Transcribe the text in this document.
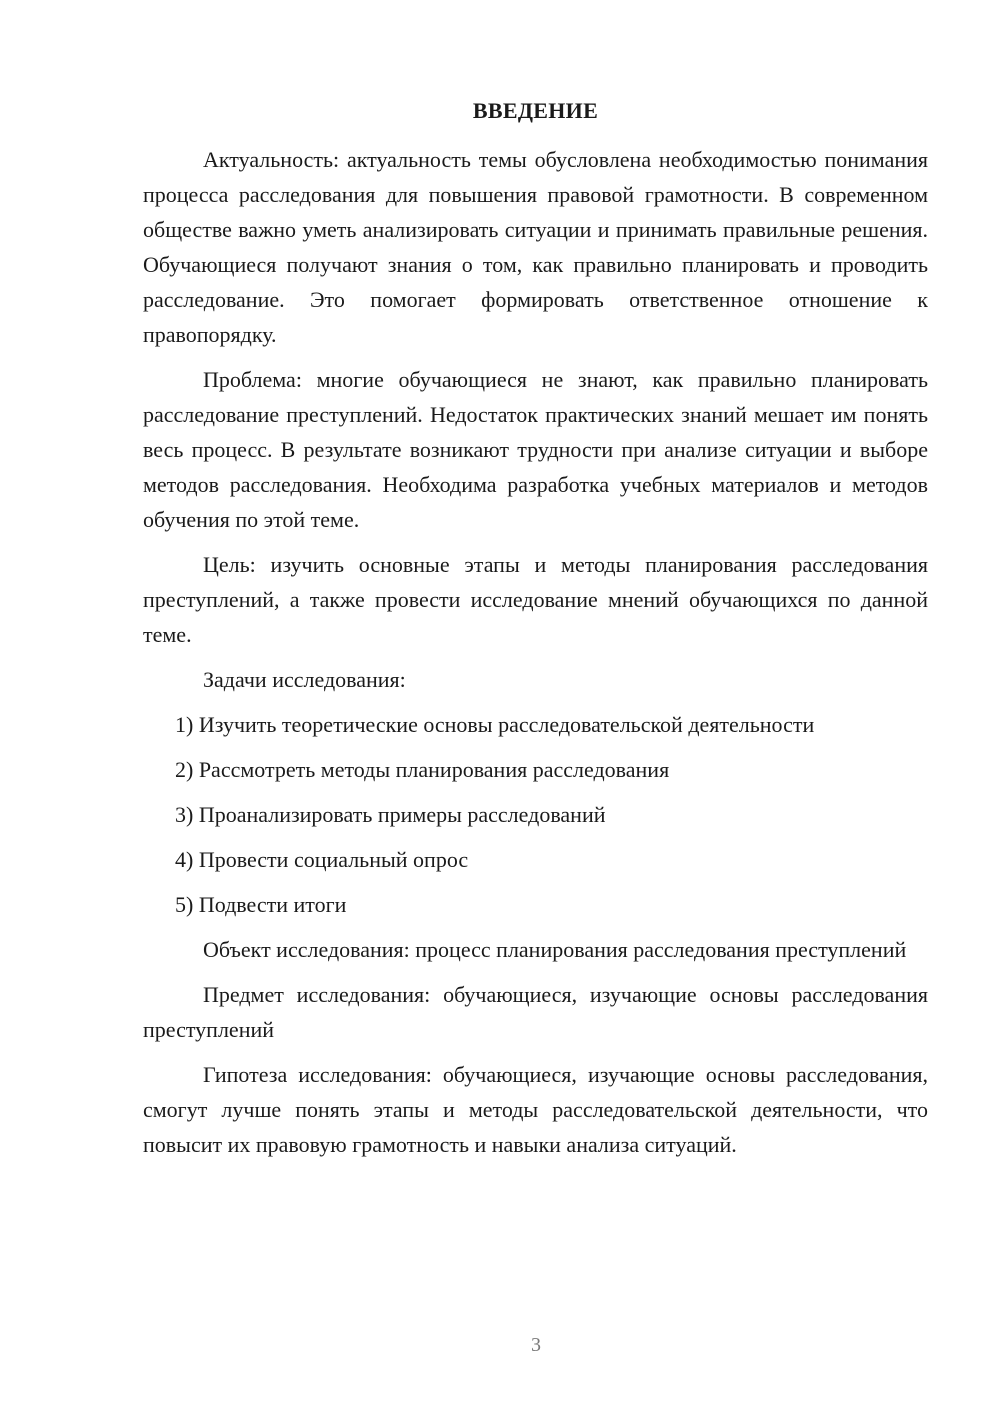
ВВЕДЕНИЕ

Актуальность: актуальность темы обусловлена необходимостью понимания процесса расследования для повышения правовой грамотности. В современном обществе важно уметь анализировать ситуации и принимать правильные решения. Обучающиеся получают знания о том, как правильно планировать и проводить расследование. Это помогает формировать ответственное отношение к правопорядку.

Проблема: многие обучающиеся не знают, как правильно планировать расследование преступлений. Недостаток практических знаний мешает им понять весь процесс. В результате возникают трудности при анализе ситуации и выборе методов расследования. Необходима разработка учебных материалов и методов обучения по этой теме.

Цель: изучить основные этапы и методы планирования расследования преступлений, а также провести исследование мнений обучающихся по данной теме.

Задачи исследования:

1) Изучить теоретические основы расследовательской деятельности
2) Рассмотреть методы планирования расследования
3) Проанализировать примеры расследований
4) Провести социальный опрос
5) Подвести итоги

Объект исследования: процесс планирования расследования преступлений

Предмет исследования: обучающиеся, изучающие основы расследования преступлений

Гипотеза исследования: обучающиеся, изучающие основы расследования, смогут лучше понять этапы и методы расследовательской деятельности, что повысит их правовую грамотность и навыки анализа ситуаций.

3
